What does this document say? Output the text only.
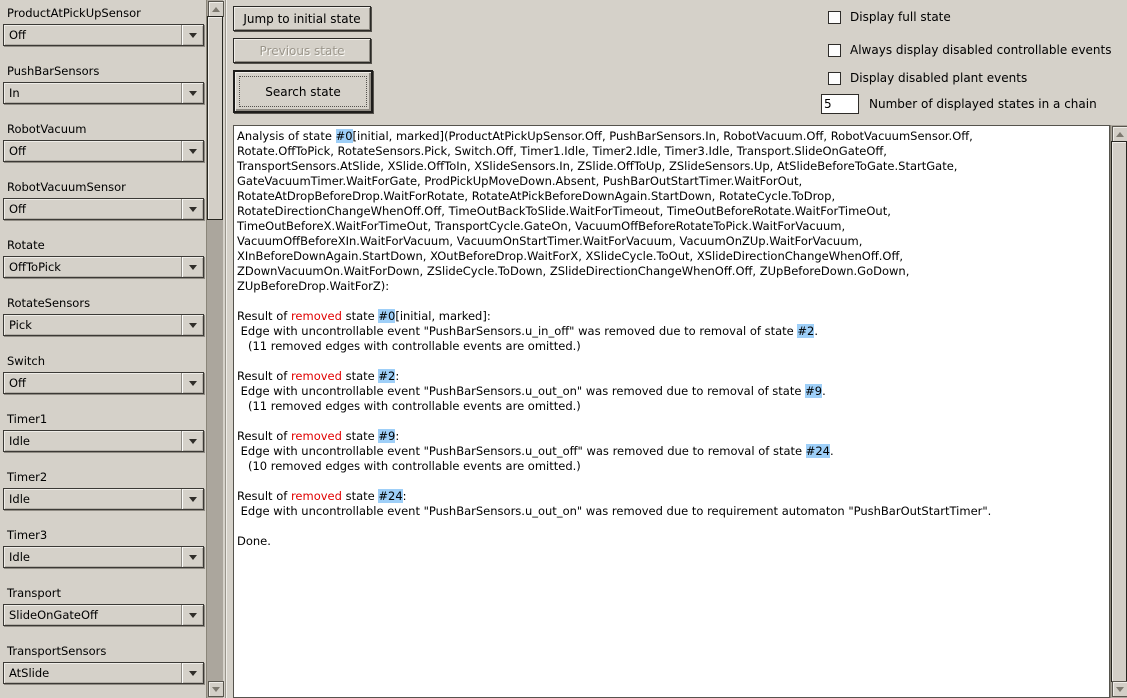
ProductAtPickUpSensor
Off
PushBarSensors
In
RobotVacuum
Off
RobotVacuumSensor
Off
Rotate
OffToPick
RotateSensors
Pick
Switch
Off
Timer1
Idle
Timer2
Idle
Timer3
Idle
Transport
SlideOnGateOff
TransportSensors
AtSlide
Jump to initial state
Previous state
Search state
Display full state
Always display disabled controllable events
Display disabled plant events
5
Number of displayed states in a chain
Analysis of state #0[initial, marked](ProductAtPickUpSensor.Off, PushBarSensors.In, RobotVacuum.Off, RobotVacuumSensor.Off,
Rotate.OffToPick, RotateSensors.Pick, Switch.Off, Timer1.Idle, Timer2.Idle, Timer3.Idle, Transport.SlideOnGateOff,
TransportSensors.AtSlide, XSlide.OffToIn, XSlideSensors.In, ZSlide.OffToUp, ZSlideSensors.Up, AtSlideBeforeToGate.StartGate,
GateVacuumTimer.WaitForGate, ProdPickUpMoveDown.Absent, PushBarOutStartTimer.WaitForOut,
RotateAtDropBeforeDrop.WaitForRotate, RotateAtPickBeforeDownAgain.StartDown, RotateCycle.ToDrop,
RotateDirectionChangeWhenOff.Off, TimeOutBackToSlide.WaitForTimeout, TimeOutBeforeRotate.WaitForTimeOut,
TimeOutBeforeX.WaitForTimeOut, TransportCycle.GateOn, VacuumOffBeforeRotateToPick.WaitForVacuum,
VacuumOffBeforeXIn.WaitForVacuum, VacuumOnStartTimer.WaitForVacuum, VacuumOnZUp.WaitForVacuum,
XInBeforeDownAgain.StartDown, XOutBeforeDrop.WaitForX, XSlideCycle.ToOut, XSlideDirectionChangeWhenOff.Off,
ZDownVacuumOn.WaitForDown, ZSlideCycle.ToDown, ZSlideDirectionChangeWhenOff.Off, ZUpBeforeDown.GoDown,
ZUpBeforeDrop.WaitForZ):
Result of removed state #0[initial, marked]:
Edge with uncontrollable event "PushBarSensors.u_in_off" was removed due to removal of state #2.
(11 removed edges with controllable events are omitted.)
Result of removed state #2:
Edge with uncontrollable event "PushBarSensors.u_out_on" was removed due to removal of state #9.
(11 removed edges with controllable events are omitted.)
Result of removed state #9:
Edge with uncontrollable event "PushBarSensors.u_out_off" was removed due to removal of state #24.
(10 removed edges with controllable events are omitted.)
Result of removed state #24:
Edge with uncontrollable event "PushBarSensors.u_out_on" was removed due to requirement automaton "PushBarOutStartTimer".
Done.
